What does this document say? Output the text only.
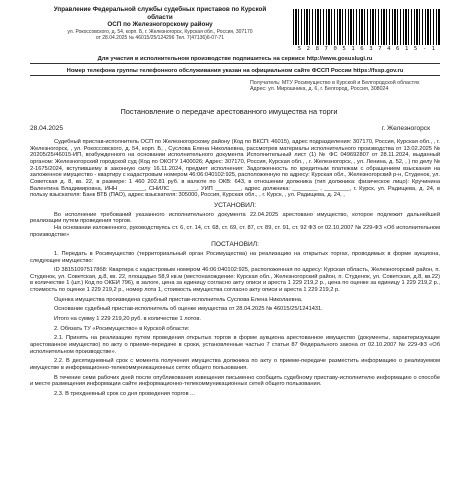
Управление Федеральной службы судебных приставов по Курской
области
ОСП по Железногорскому району
ул. Рокоссовского, д. 54, корп. Б, г. Железногорск, Курская обл., Россия, 307170
от 28.04.2025 № 46015/25/124296 Тел. 7(47136)6-07-71
5 2 8 7 0 5 1 6 3 7 4 6 1 5 - 1
Для участия в исполнительном производстве подпишитесь на сервисе http://www.gosuslugi.ru
Номер телефона группы телефонного обслуживания указан на официальном сайте ФССП России https://fssp.gov.ru
Получатель: МТУ Росимущество в Курской и Белгородской областях
Адрес: ул. Мирошника, д. 6, г. Белгород, Россия, 308024
Постановление о передаче арестованного имущества на торги
28.04.2025	г. Железногорск

Судебный пристав-исполнитель ОСП по Железногорскому району (Код по ВКСП: 46015), адрес подразделения: 307170, Россия, Курская обл., , г. Железногорск, , ул. Рокоссовского, д. 54, корп. Б, , Суслова Елена Николаевна, рассмотрев материалы исполнительного производства от 13.02.2025 № 20205/25/46015-ИП, возбужденного на основании исполнительного документа Исполнительный лист (1) № ФС 049692807 от 28.11.2024, выданный органом: Железногорский городской суд (Код по ОКОГУ 1400026; Адрес: 307170, Россия, Курская обл., , г. Железногорск, , ул. Ленина, д. 52, , ) по делу № 2-1675/2024, вступившему в законную силу 16.11.2024, предмет исполнения: Задолженность по кредитным платежам с обращением взыскания на заложенное имущество - квартиру с кадастровым номером 46:06:040102:925, расположенную по адресу: Курская обл., Железногорский р-н, Студенок, ул. Советская д. 8, кв. 22, в размере: 1 460 202.81 руб. в валюте по ОКВ: 643, в отношении должника (тип должника: физическое лицо): Кручинина Валентина Владимировна, ИНН ________, СНИЛС ________, УИП ________, адрес должника: ________ , ________, г. Курск, ул. Радищева, д. 24, в пользу взыскателя: Банк ВТБ (ПАО), адрес взыскателя: 305000, Россия, Курская обл., , г. Курск, , ул. Радищева, д. 24, ,

УСТАНОВИЛ:

Во исполнение требований указанного исполнительного документа 22.04.2025 арестовано имущество, которое подлежит дальнейшей реализации путем проведения торгов.

На основании изложенного, руководствуясь ст. 6, ст. 14, ст. 68, ст. 69, ст. 87, ст. 89, ст. 91, ст. 92 ФЗ от 02.10.2007 № 229-ФЗ «Об исполнительном производстве»

ПОСТАНОВИЛ:

1. Передать в Росимущество (территориальный орган Росимущества) на реализацию на открытых торгах, проводимых в форме аукциона, следующее имущество:

ID 381510975178б8: Квартира с кадастровым номером 46:06:040102:925, расположенная по адресу: Курская область, Железногорский район, п. Студенок, ул. Советская, д.8, кв. 22, площадью 58,9 кв.м (местонахождение: Курская обл., Железногорский район, п. Студенок, ул. Советская, д.8, кв.22) в количестве 1 (шт.) Код по ОКЕИ 796), в залоге, цена за единицу согласно акту описи и ареста 1 229 219,2 р., цена по оценке за единицу 1 229 219,2 р., стоимость по оценке 1 229 219,2 р., номер лота 1, стоимость имущества согласно акту описи и ареста 1 229 219,2 р.

Оценка имущества произведена судебный пристав-исполнитель Суслова Елена Николаевна.

Основание судебный пристав-исполнитель об оценке имущества от 28.04.2025 № 46015/25/1241431.

Итого на сумму 1 229 219,20 руб. в количестве 1 лотов.

2. Обязать ТУ «Росимущество» в Курской области:

2.1. Принять на реализацию путем проведения открытых торгов в форме аукциона арестованное имущество (документы, характеризующие арестованное имущество) по акту о приеме-передаче в сроки, установленные частью 7 статьи 87 Федерального закона от 02.10.2007 № 229-ФЗ «Об исполнительном производстве».

2.2. В десятидневный срок с момента получения имущества должника по акту о приеме-передаче разместить информацию о реализуемом имуществе в информационно-телекоммуникационных сетях общего пользования.

В течение семи рабочих дней после опубликования извещения письменно сообщить судебному приставу-исполнителю информацию о способе и месте размещения информации сайте информационно-телекоммуникационных сетей общего пользования.

2.3. В трехдневный срок со дня проведения торгов ...
